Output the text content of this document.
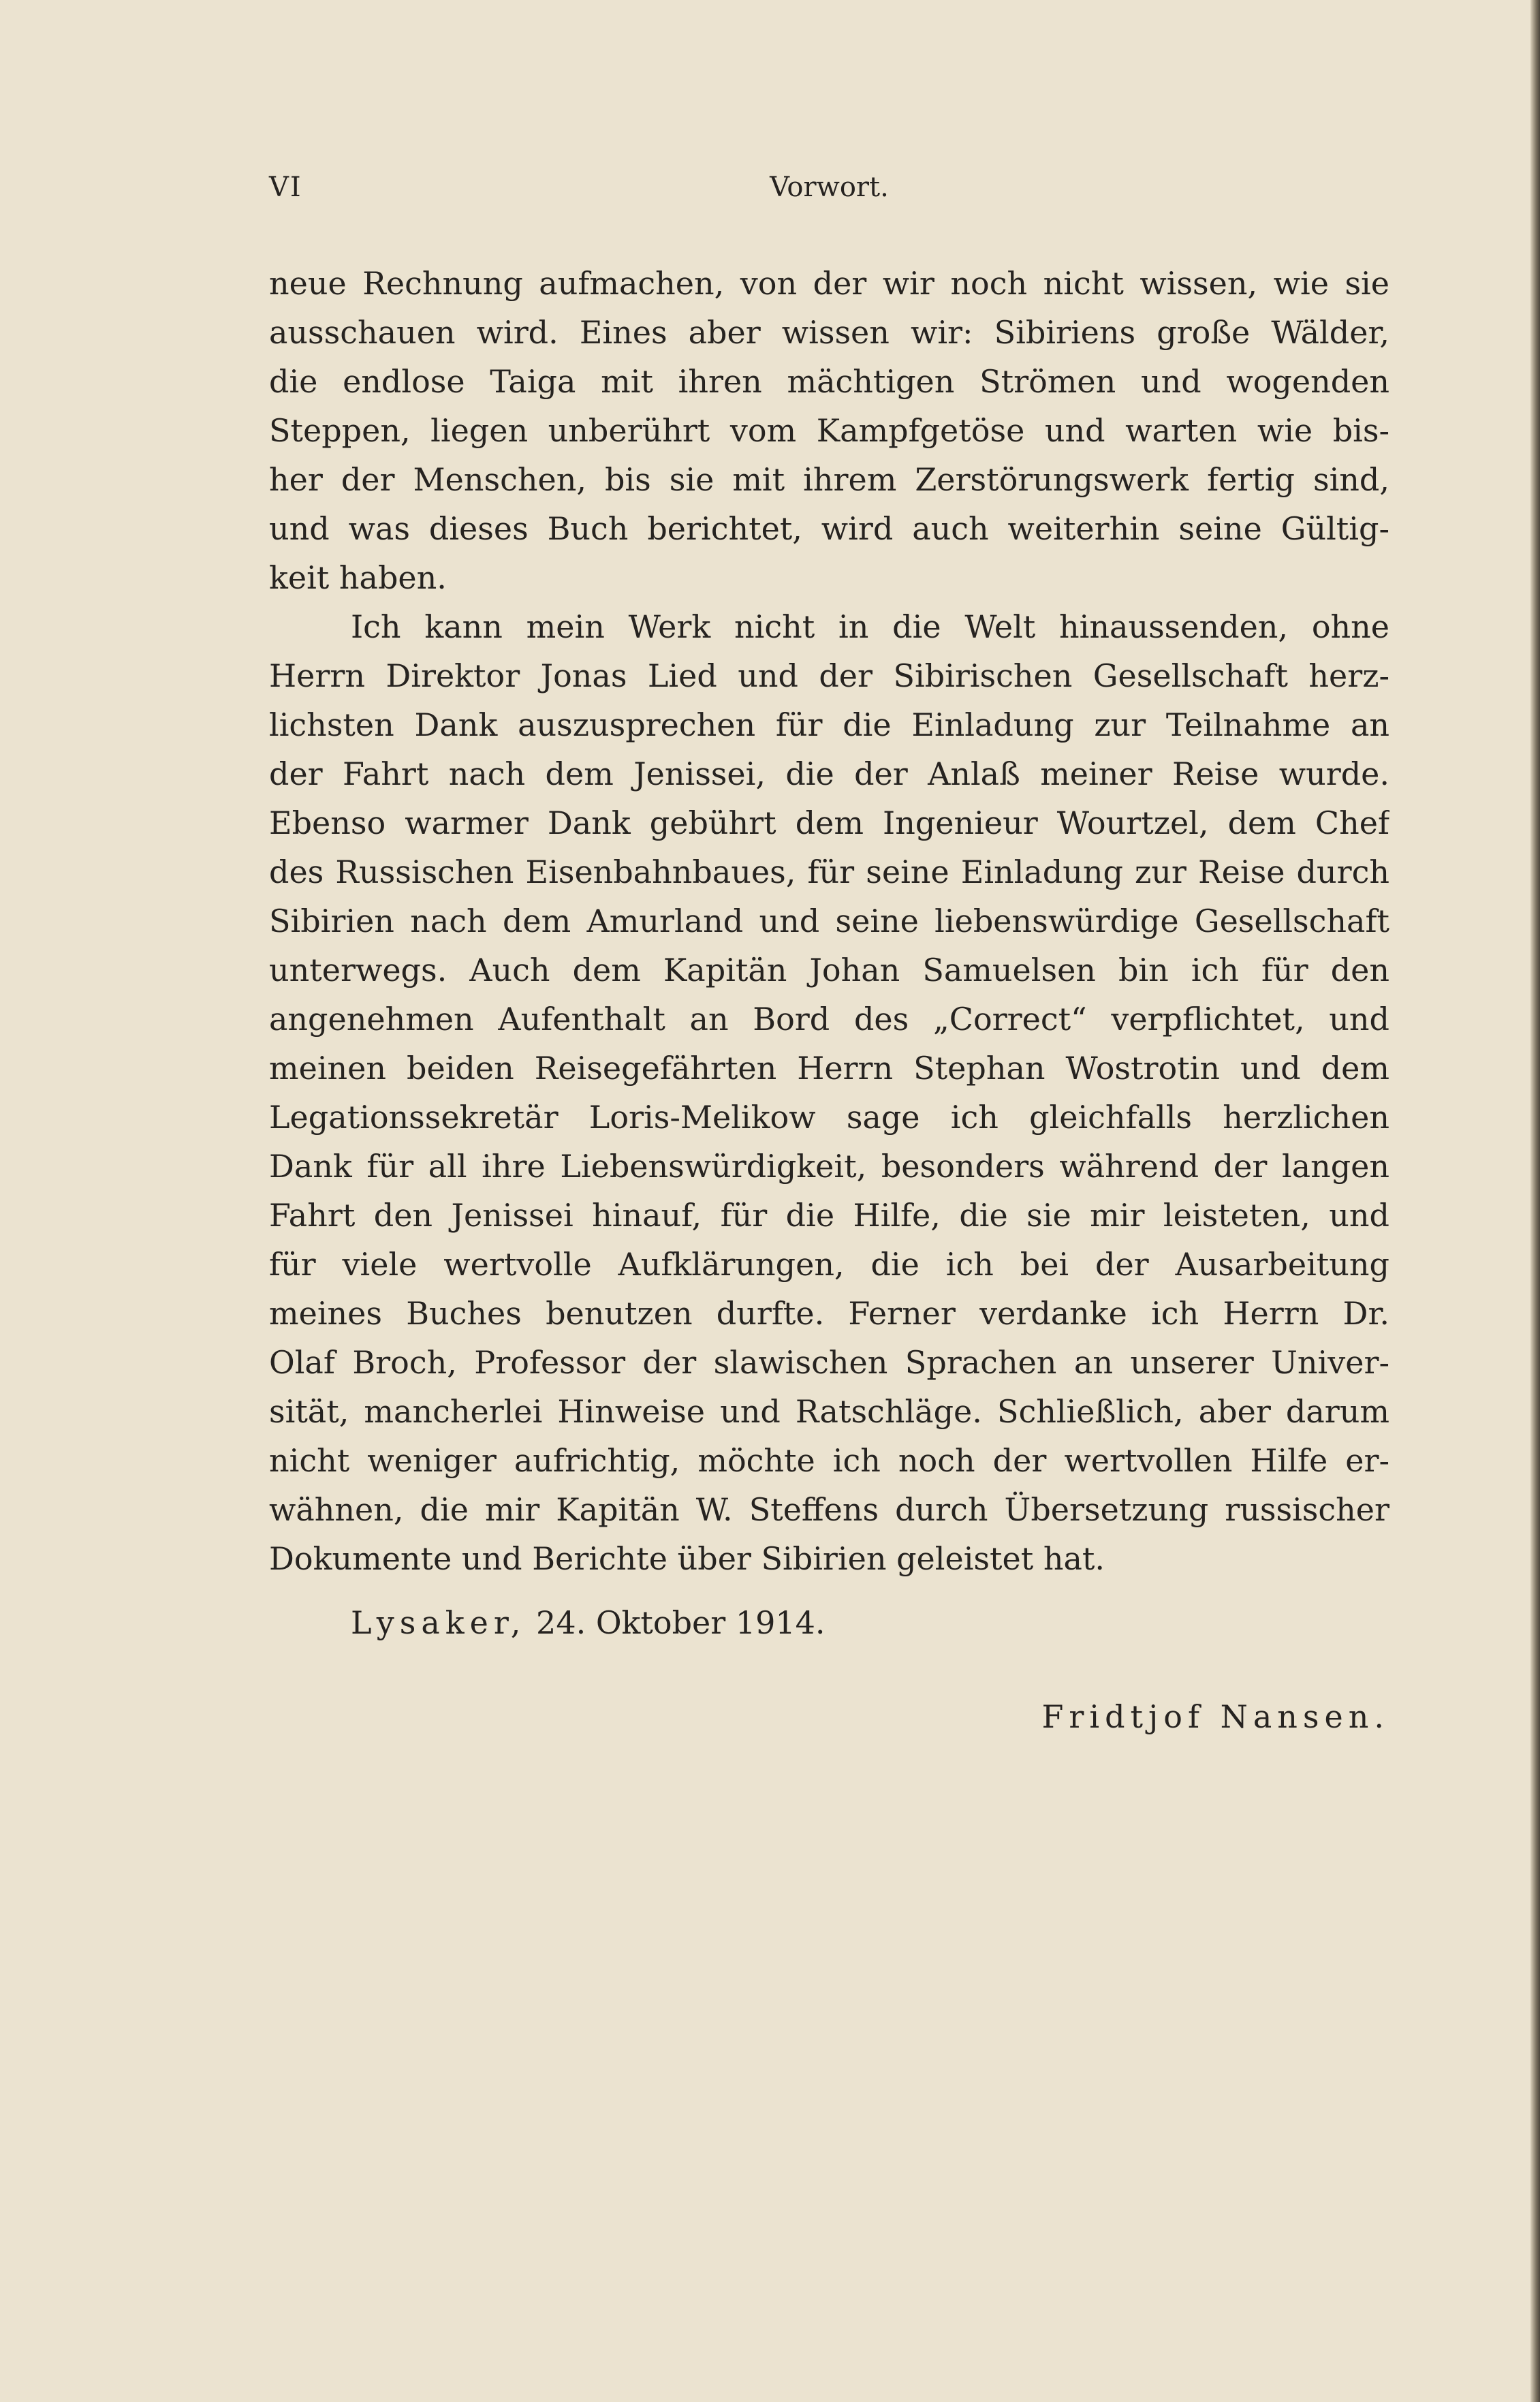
VI	Vorwort.
neue Rechnung aufmachen, von der wir noch nicht wissen, wie sie
ausschauen wird. Eines aber wissen wir: Sibiriens große Wälder,
die endlose Taiga mit ihren mächtigen Strömen und wogenden
Steppen, liegen unberührt vom Kampfgetöse und warten wie bis-
her der Menschen, bis sie mit ihrem Zerstörungswerk fertig sind,
und was dieses Buch berichtet, wird auch weiterhin seine Gültig-
keit haben.
Ich kann mein Werk nicht in die Welt hinaussenden, ohne
Herrn Direktor Jonas Lied und der Sibirischen Gesellschaft herz-
lichsten Dank auszusprechen für die Einladung zur Teilnahme an
der Fahrt nach dem Jenissei, die der Anlaß meiner Reise wurde.
Ebenso warmer Dank gebührt dem Ingenieur Wourtzel, dem Chef
des Russischen Eisenbahnbaues, für seine Einladung zur Reise durch
Sibirien nach dem Amurland und seine liebenswürdige Gesellschaft
unterwegs. Auch dem Kapitän Johan Samuelsen bin ich für den
angenehmen Aufenthalt an Bord des „Correct“ verpflichtet, und
meinen beiden Reisegefährten Herrn Stephan Wostrotin und dem
Legationssekretär Loris-Melikow sage ich gleichfalls herzlichen
Dank für all ihre Liebenswürdigkeit, besonders während der langen
Fahrt den Jenissei hinauf, für die Hilfe, die sie mir leisteten, und
für viele wertvolle Aufklärungen, die ich bei der Ausarbeitung
meines Buches benutzen durfte. Ferner verdanke ich Herrn Dr.
Olaf Broch, Professor der slawischen Sprachen an unserer Univer-
sität, mancherlei Hinweise und Ratschläge. Schließlich, aber darum
nicht weniger aufrichtig, möchte ich noch der wertvollen Hilfe er-
wähnen, die mir Kapitän W. Steffens durch Übersetzung russischer
Dokumente und Berichte über Sibirien geleistet hat.
Lysaker, 24. Oktober 1914.
Fridtjof Nansen.
